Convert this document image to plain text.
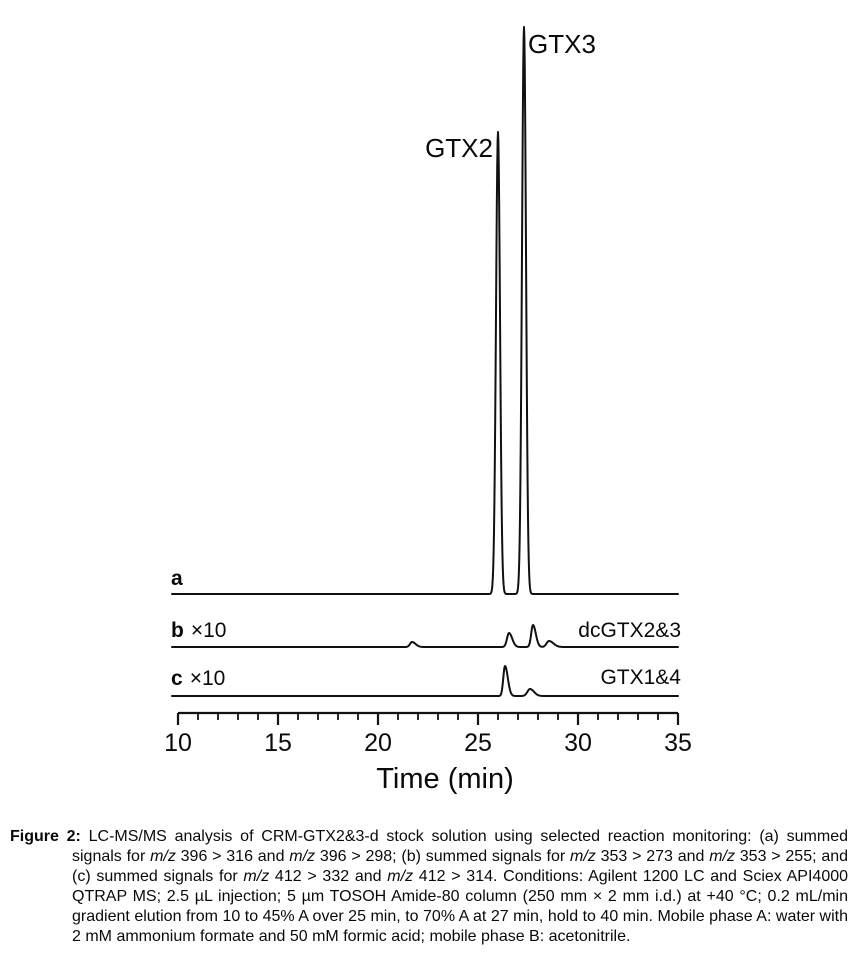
GTX2
GTX3
a
b ×10
c ×10
dcGTX2&3
GTX1&4
10	15	20	25	30	35
Time (min)

Figure 2: LC-MS/MS analysis of CRM-GTX2&3-d stock solution using selected reaction monitoring: (a) summed signals for m/z 396 > 316 and m/z 396 > 298; (b) summed signals for m/z 353 > 273 and m/z 353 > 255; and (c) summed signals for m/z 412 > 332 and m/z 412 > 314. Conditions: Agilent 1200 LC and Sciex API4000 QTRAP MS; 2.5 µL injection; 5 µm TOSOH Amide-80 column (250 mm × 2 mm i.d.) at +40 °C; 0.2 mL/min gradient elution from 10 to 45% A over 25 min, to 70% A at 27 min, hold to 40 min. Mobile phase A: water with 2 mM ammonium formate and 50 mM formic acid; mobile phase B: acetonitrile.
